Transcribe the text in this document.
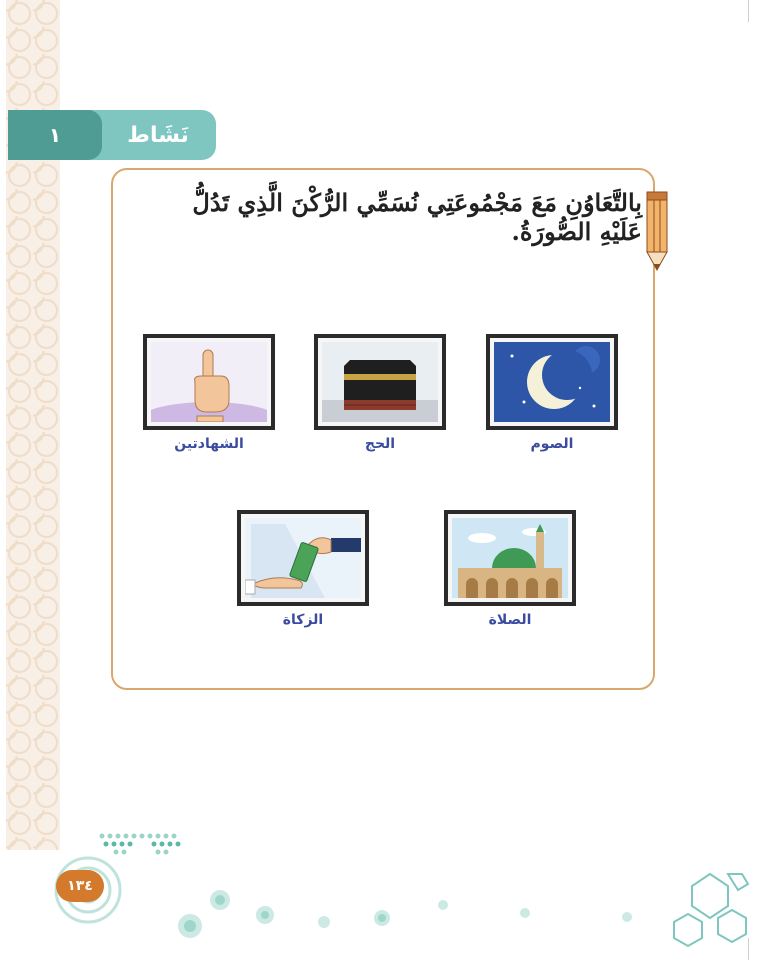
١	نَشَاط
بِالتَّعَاوُنِ مَعَ مَجْمُوعَتِي نُسَمِّي الرُّكْنَ الَّذِي تَدُلُّ عَلَيْهِ الصُّورَةُ.
الصوم
الحج
الشهادتين
الصلاة
الزكاة
١٣٤
